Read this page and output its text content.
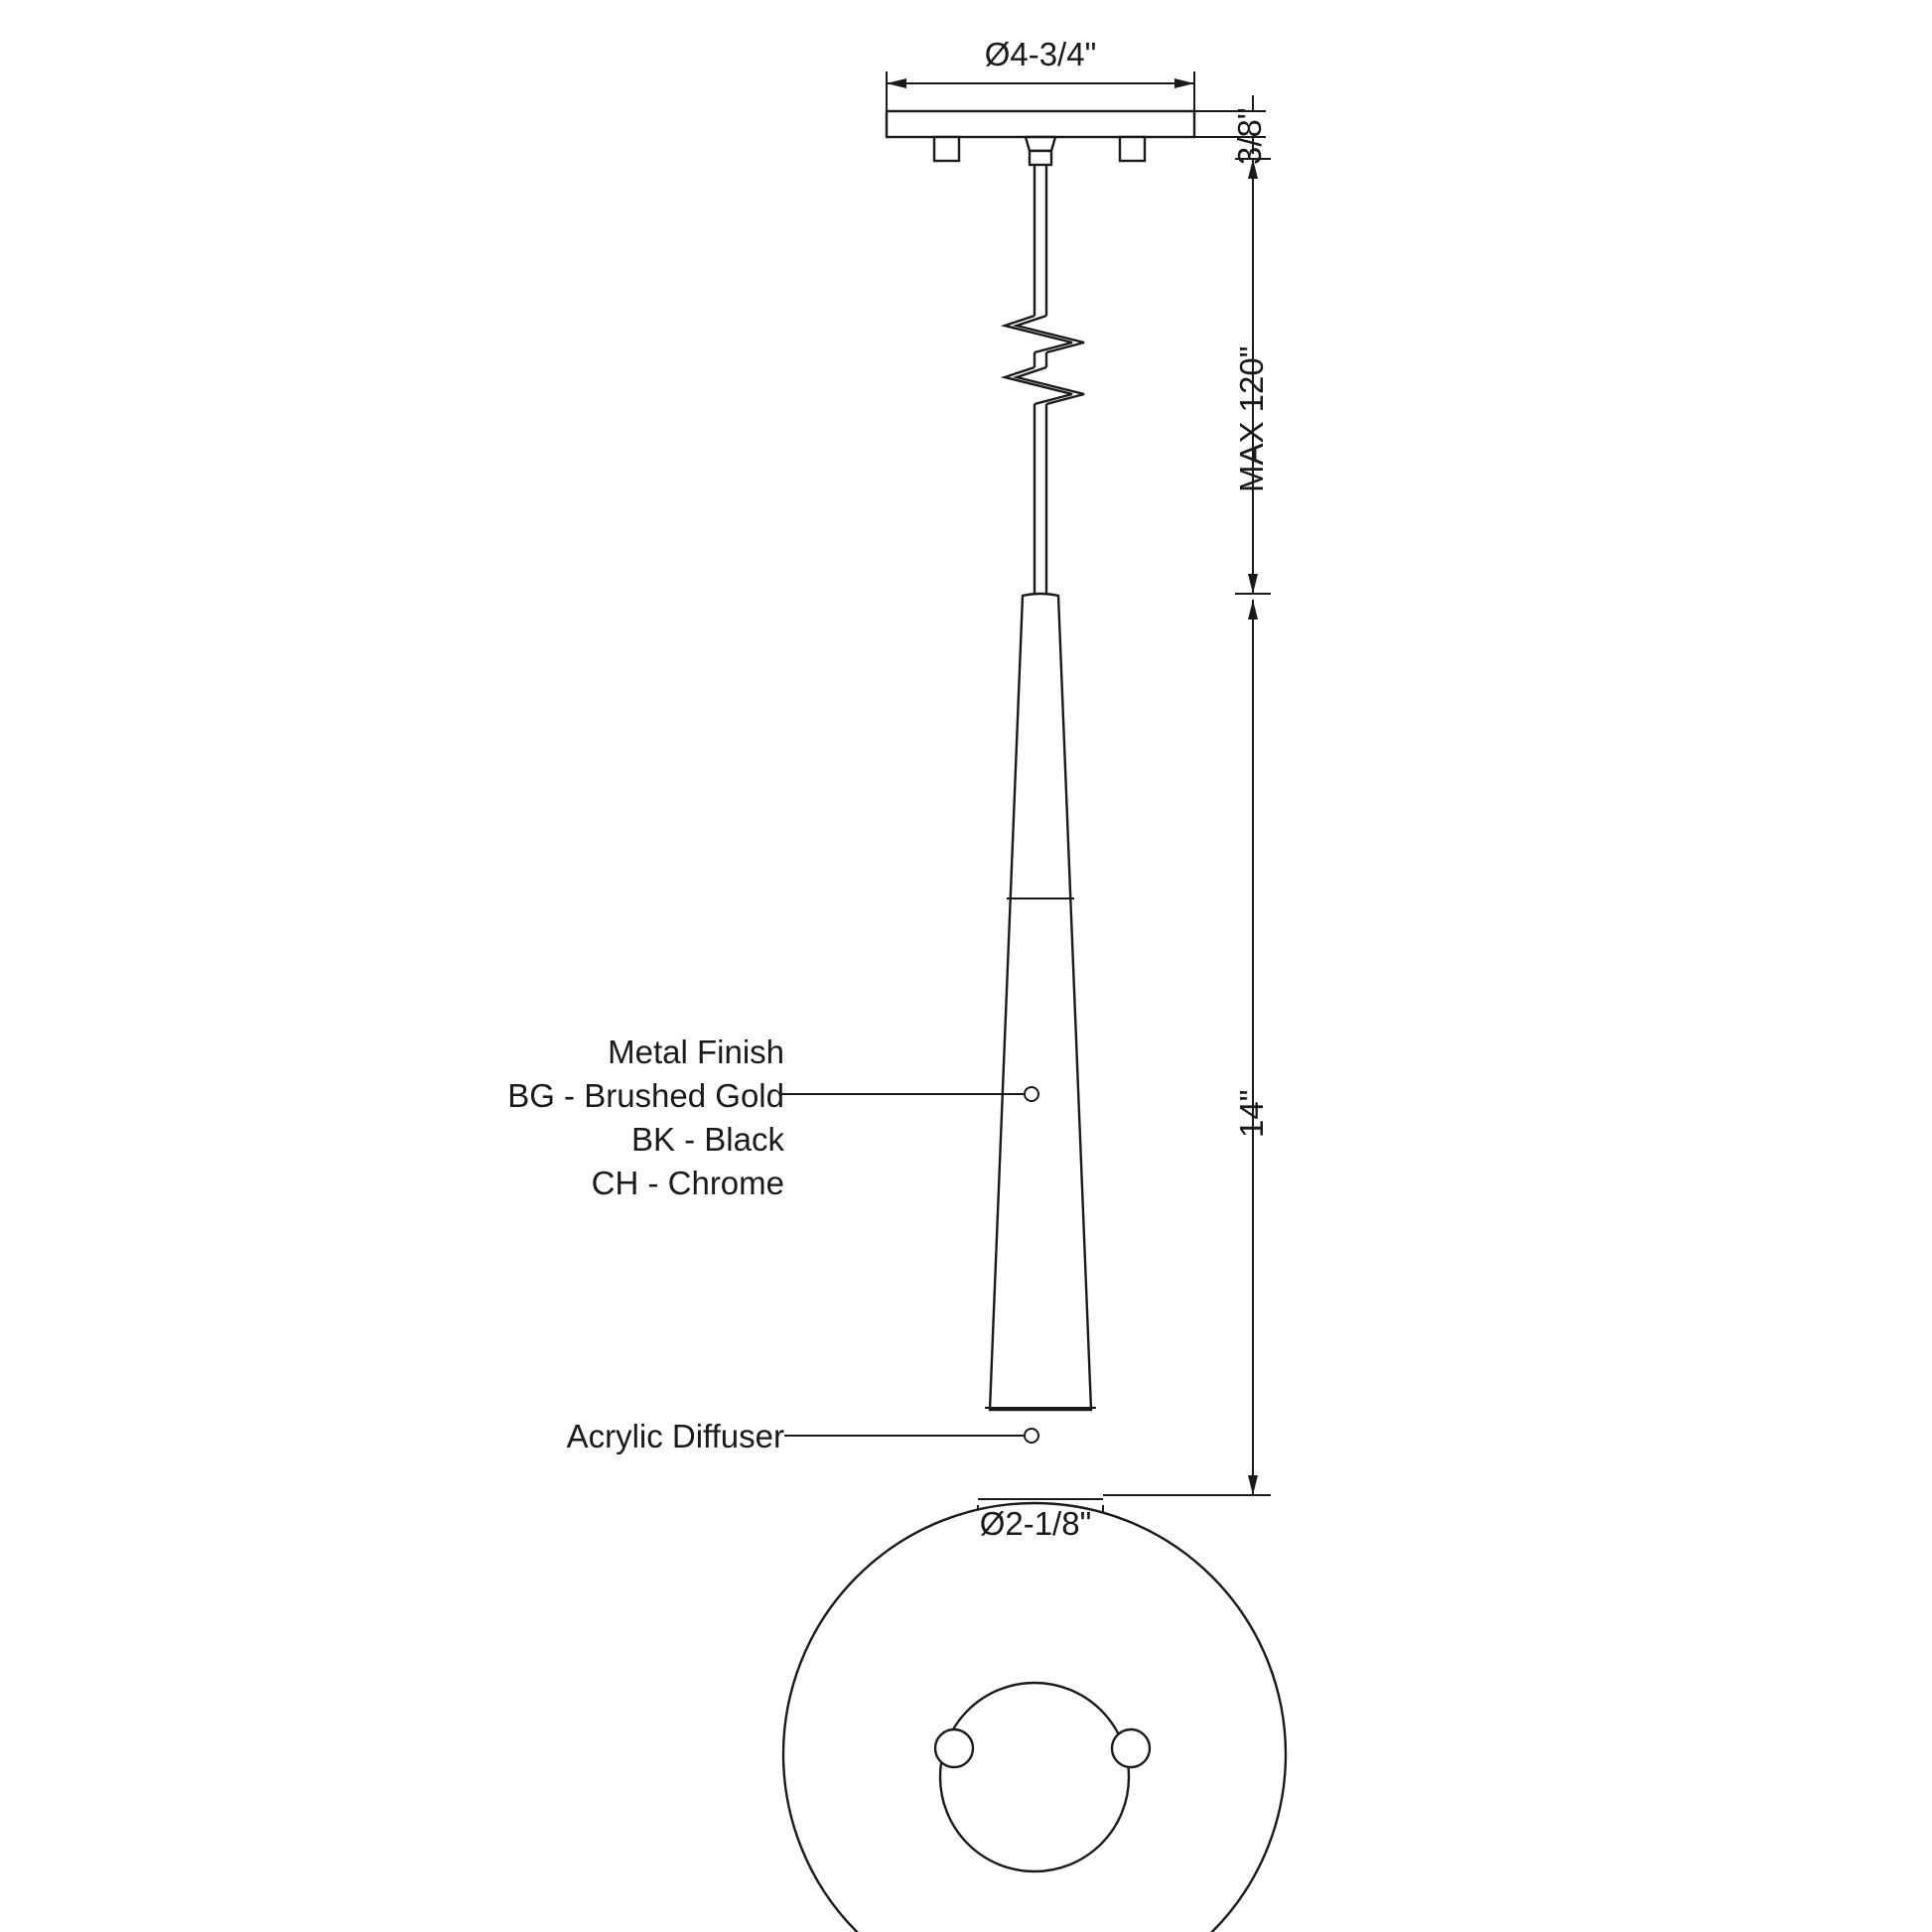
Ø4-3/4"
3/8"
MAX 120"
14"
Ø2-1/8"
Metal Finish
BG - Brushed Gold
BK - Black
CH - Chrome
Acrylic Diffuser
